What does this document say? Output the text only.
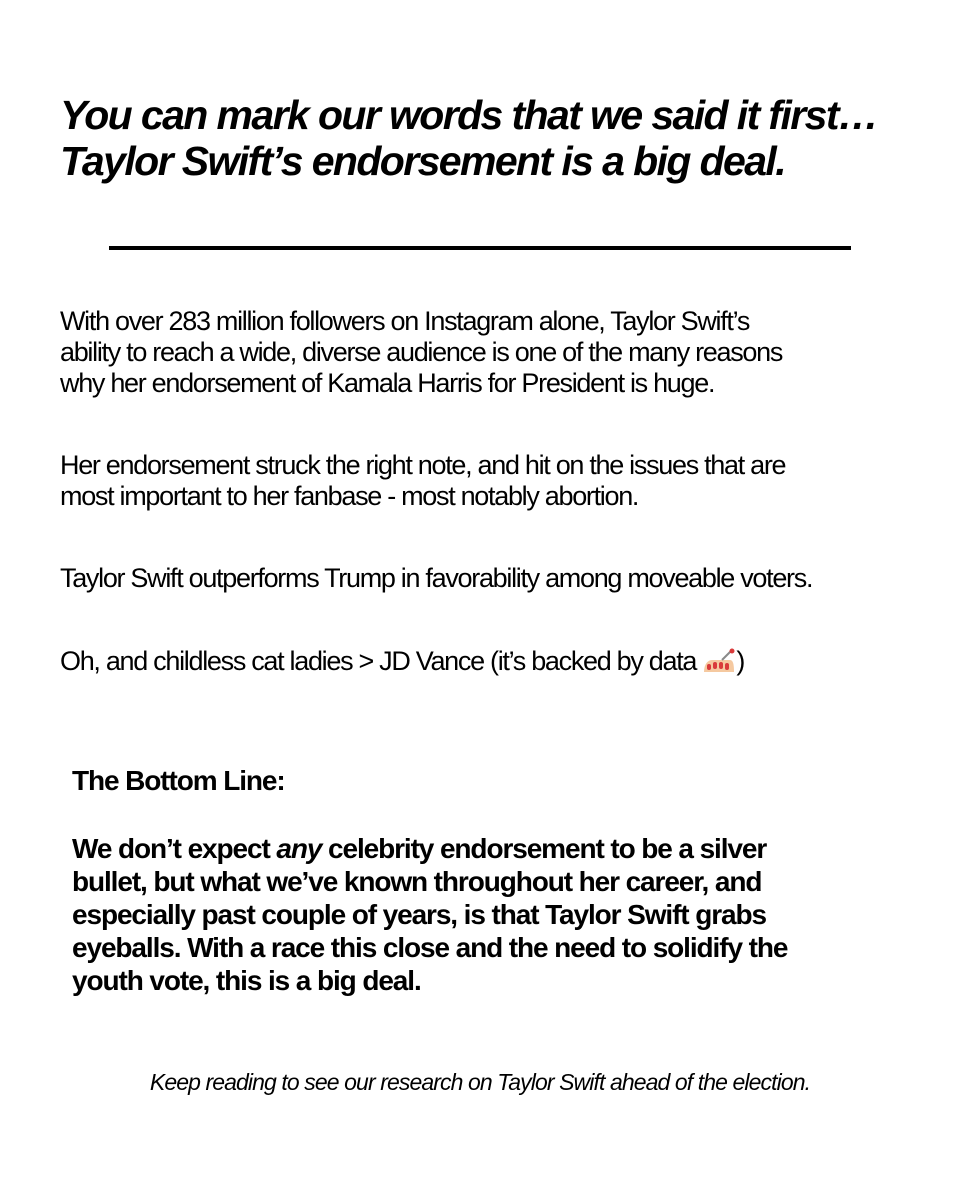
You can mark our words that we said it first…
Taylor Swift’s endorsement is a big deal.

With over 283 million followers on Instagram alone, Taylor Swift’s
ability to reach a wide, diverse audience is one of the many reasons
why her endorsement of Kamala Harris for President is huge.

Her endorsement struck the right note, and hit on the issues that are
most important to her fanbase - most notably abortion.

Taylor Swift outperforms Trump in favorability among moveable voters.

Oh, and childless cat ladies > JD Vance (it’s backed by data )

The Bottom Line:

We don’t expect any celebrity endorsement to be a silver
bullet, but what we’ve known throughout her career, and
especially past couple of years, is that Taylor Swift grabs
eyeballs. With a race this close and the need to solidify the
youth vote, this is a big deal.

Keep reading to see our research on Taylor Swift ahead of the election.
